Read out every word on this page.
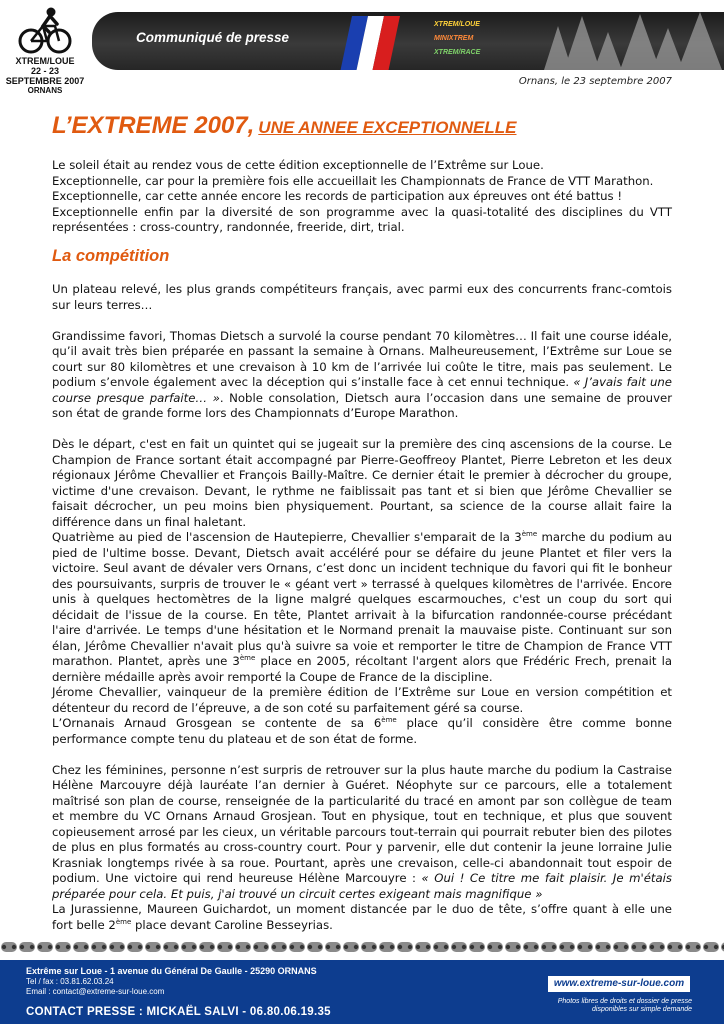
XTREM/LOUE
22 - 23 SEPTEMBRE 2007
ORNANS
Communiqué de presse
XTREM/LOUE
MINIXTREM
XTREM/RACE
Ornans, le 23 septembre 2007
L’EXTREME 2007, UNE ANNEE EXCEPTIONNELLE

Le soleil était au rendez vous de cette édition exceptionnelle de l’Extrême sur Loue.

Exceptionnelle, car pour la première fois elle accueillait les Championnats de France de VTT Marathon.

Exceptionnelle, car cette année encore les records de participation aux épreuves ont été battus !

Exceptionnelle enfin par la diversité de son programme avec la quasi-totalité des disciplines du VTT représentées : cross-country, randonnée, freeride, dirt, trial.

La compétition

Un plateau relevé, les plus grands compétiteurs français, avec parmi eux des concurrents franc-comtois sur leurs terres…

Grandissime favori, Thomas Dietsch a survolé la course pendant 70 kilomètres… Il fait une course idéale, qu’il avait très bien préparée en passant la semaine à Ornans. Malheureusement, l’Extrême sur Loue se court sur 80 kilomètres et une crevaison à 10 km de l’arrivée lui coûte le titre, mais pas seulement. Le podium s’envole également avec la déception qui s’installe face à cet ennui technique. « J’avais fait une course presque parfaite… ». Noble consolation, Dietsch aura l’occasion dans une semaine de prouver son état de grande forme lors des Championnats d’Europe Marathon.

Dès le départ, c'est en fait un quintet qui se jugeait sur la première des cinq ascensions de la course. Le Champion de France sortant était accompagné par Pierre-Geoffreoy Plantet, Pierre Lebreton et les deux régionaux Jérôme Chevallier et François Bailly-Maître. Ce dernier était le premier à décrocher du groupe, victime d'une crevaison. Devant, le rythme ne faiblissait pas tant et si bien que Jérôme Chevallier se faisait décrocher, un peu moins bien physiquement. Pourtant, sa science de la course allait faire la différence dans un final haletant.

Quatrième au pied de l'ascension de Hautepierre, Chevallier s'emparait de la 3ème marche du podium au pied de l'ultime bosse. Devant, Dietsch avait accéléré pour se défaire du jeune Plantet et filer vers la victoire. Seul avant de dévaler vers Ornans, c’est donc un incident technique du favori qui fit le bonheur des poursuivants, surpris de trouver le « géant vert » terrassé à quelques kilomètres de l'arrivée. Encore unis à quelques hectomètres de la ligne malgré quelques escarmouches, c'est un coup du sort qui décidait de l'issue de la course. En tête, Plantet arrivait à la bifurcation randonnée-course précédant l'aire d'arrivée. Le temps d'une hésitation et le Normand prenait la mauvaise piste. Continuant sur son élan, Jérôme Chevallier n'avait plus qu'à suivre sa voie et remporter le titre de Champion de France VTT marathon. Plantet, après une 3ème place en 2005, récoltant l'argent alors que Frédéric Frech, prenait la dernière médaille après avoir remporté la Coupe de France de la discipline.

Jérome Chevallier, vainqueur de la première édition de l’Extrême sur Loue en version compétition et détenteur du record de l’épreuve, a de son coté su parfaitement géré sa course.

L’Ornanais Arnaud Grosgean se contente de sa 6ème place qu’il considère être comme bonne performance compte tenu du plateau et de son état de forme.

Chez les féminines, personne n’est surpris de retrouver sur la plus haute marche du podium la Castraise Hélène Marcouyre déjà lauréate l’an dernier à Guéret. Néophyte sur ce parcours, elle a totalement maîtrisé son plan de course, renseignée de la particularité du tracé en amont par son collègue de team et membre du VC Ornans Arnaud Grosjean. Tout en physique, tout en technique, et plus que souvent copieusement arrosé par les cieux, un véritable parcours tout-terrain qui pourrait rebuter bien des pilotes de plus en plus formatés au cross-country court. Pour y parvenir, elle dut contenir la jeune lorraine Julie Krasniak longtemps rivée à sa roue. Pourtant, après une crevaison, celle-ci abandonnait tout espoir de podium. Une victoire qui rend heureuse Hélène Marcouyre : « Oui ! Ce titre me fait plaisir. Je m'étais préparée pour cela. Et puis, j'ai trouvé un circuit certes exigeant mais magnifique »

La Jurassienne, Maureen Guichardot, un moment distancée par le duo de tête, s’offre quant à elle une fort belle 2ème place devant Caroline Besseyrias.

Extrême sur Loue - 1 avenue du Général De Gaulle - 25290 ORNANS
Tel / fax : 03.81.62.03.24
Email : contact@extreme-sur-loue.com
CONTACT PRESSE : MICKAËL SALVI - 06.80.06.19.35
www.extreme-sur-loue.com
Photos libres de droits et dossier de presse disponibles sur simple demande
